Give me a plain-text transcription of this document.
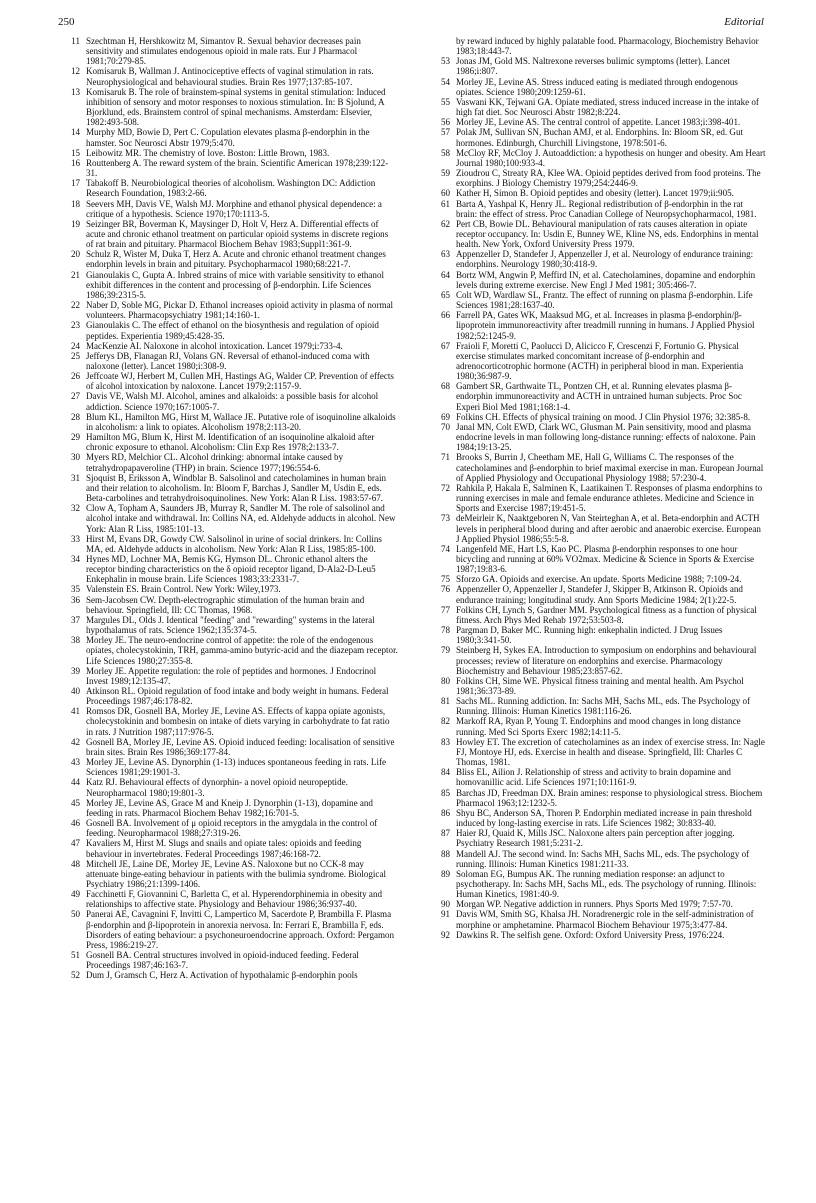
250	Editorial

11 Szechtman H, Hershkowitz M, Simantov R. Sexual behavior decreases pain sensitivity and stimulates endogenous opioid in male rats. Eur J Pharmacol 1981;70:279-85.

12 Komisaruk B, Wallman J. Antinociceptive effects of vaginal stimulation in rats. Neurophysiological and behavioural studies. Brain Res 1977;137:85-107.

13 Komisaruk B. The role of brainstem-spinal systems in genital stimulation: Induced inhibition of sensory and motor responses to noxious stimulation. In: B Sjolund, A Bjorklund, eds. Brainstem control of spinal mechanisms. Amsterdam: Elsevier, 1982:493-508.

14 Murphy MD, Bowie D, Pert C. Copulation elevates plasma β-endorphin in the hamster. Soc Neurosci Abstr 1979;5:470.

15 Leibowitz MR. The chemistry of love. Boston: Little Brown, 1983.

16 Routtenberg A. The reward system of the brain. Scientific American 1978;239:122-31.

17 Tabakoff B. Neurobiological theories of alcoholism. Washington DC: Addiction Research Foundation, 1983:2-66.

18 Seevers MH, Davis VE, Walsh MJ. Morphine and ethanol physical dependence: a critique of a hypothesis. Science 1970;170:1113-5.

19 Seizinger BR, Boverman K, Maysinger D, Holt V, Herz A. Differential effects of acute and chronic ethanol treatment on particular opioid systems in discrete regions of rat brain and pituitary. Pharmacol Biochem Behav 1983;Suppl1:361-9.

20 Schulz R, Wister M, Duka T, Herz A. Acute and chronic ethanol treatment changes endorphin levels in brain and pituitary. Psychopharmacol 1980;68:221-7.

21 Gianoulakis C, Gupta A. Inbred strains of mice with variable sensitivity to ethanol exhibit differences in the content and processing of β-endorphin. Life Sciences 1986;39:2315-5.

22 Naber D, Soble MG, Pickar D. Ethanol increases opioid activity in plasma of normal volunteers. Pharmacopsychiatry 1981;14:160-1.

23 Gianoulakis C. The effect of ethanol on the biosynthesis and regulation of opioid peptides. Experientia 1989;45:428-35.

24 MacKenzie AI. Naloxone in alcohol intoxication. Lancet 1979;i:733-4.

25 Jefferys DB, Flanagan RJ, Volans GN. Reversal of ethanol-induced coma with naloxone (letter). Lancet 1980;i:308-9.

26 Jeffcoate WJ, Herbert M, Cullen MH, Hastings AG, Walder CP. Prevention of effects of alcohol intoxication by naloxone. Lancet 1979;2:1157-9.

27 Davis VE, Walsh MJ. Alcohol, amines and alkaloids: a possible basis for alcohol addiction. Science 1970;167:1005-7.

28 Blum KL, Hamilton MG, Hirst M, Wallace JE. Putative role of isoquinoline alkaloids in alcoholism: a link to opiates. Alcoholism 1978;2:113-20.

29 Hamilton MG, Blum K, Hirst M. Identification of an isoquinoline alkaloid after chronic exposure to ethanol. Alcoholism: Clin Exp Res 1978;2:133-7.

30 Myers RD, Melchior CL. Alcohol drinking: abnormal intake caused by tetrahydropapaveroline (THP) in brain. Science 1977;196:554-6.

31 Sjoquist B, Eriksson A, Windblar B. Salsolinol and catecholamines in human brain and their relation to alcoholism. In: Bloom F, Barchas J, Sandler M, Usdin E, eds. Beta-carbolines and tetrahydroisoquinolines. New York: Alan R Liss. 1983:57-67.

32 Clow A, Topham A, Saunders JB, Murray R, Sandler M. The role of salsolinol and alcohol intake and withdrawal. In: Collins NA, ed. Aldehyde adducts in alcohol. New York: Alan R Liss, 1985:101-13.

33 Hirst M, Evans DR, Gowdy CW. Salsolinol in urine of social drinkers. In: Collins MA, ed. Aldehyde adducts in alcoholism. New York: Alan R Liss, 1985:85-100.

34 Hynes MD, Lochner MA, Bemis KG, Hymson DL. Chronic ethanol alters the receptor binding characteristics on the δ opioid receptor ligand, D-Ala2-D-Leu5 Enkephalin in mouse brain. Life Sciences 1983;33:2331-7.

35 Valenstein ES. Brain Control. New York: Wiley,1973.

36 Sem-Jacobsen CW. Depth-electrographic stimulation of the human brain and behaviour. Springfield, Ill: CC Thomas, 1968.

37 Margules DL, Olds J. Identical "feeding" and "rewarding" systems in the lateral hypothalamus of rats. Science 1962;135:374-5.

38 Morley JE. The neuro-endocrine control of appetite: the role of the endogenous opiates, cholecystokinin, TRH, gamma-amino butyric-acid and the diazepam receptor. Life Sciences 1980;27:355-8.

39 Morley JE. Appetite regulation: the role of peptides and hormones. J Endocrinol Invest 1989;12:135-47.

40 Atkinson RL. Opioid regulation of food intake and body weight in humans. Federal Proceedings 1987;46:178-82.

41 Romsos DR, Gosnell BA, Morley JE, Levine AS. Effects of kappa opiate agonists, cholecystokinin and bombesin on intake of diets varying in carbohydrate to fat ratio in rats. J Nutrition 1987;117:976-5.

42 Gosnell BA, Morley JE, Levine AS. Opioid induced feeding: localisation of sensitive brain sites. Brain Res 1986;369:177-84.

43 Morley JE, Levine AS. Dynorphin (1-13) induces spontaneous feeding in rats. Life Sciences 1981;29:1901-3.

44 Katz RJ. Behavioural effects of dynorphin- a novel opioid neuropeptide. Neuropharmacol 1980;19:801-3.

45 Morley JE, Levine AS, Grace M and Kneip J. Dynorphin (1-13), dopamine and feeding in rats. Pharmacol Biochem Behav 1982;16:701-5.

46 Gosnell BA. Involvement of μ opioid receptors in the amygdala in the control of feeding. Neuropharmacol 1988;27:319-26.

47 Kavaliers M, Hirst M. Slugs and snails and opiate tales: opioids and feeding behaviour in invertebrates. Federal Proceedings 1987;46:168-72.

48 Mitchell JE, Laine DE, Morley JE, Levine AS. Naloxone but no CCK-8 may attenuate binge-eating behaviour in patients with the bulimia syndrome. Biological Psychiatry 1986;21:1399-1406.

49 Facchinetti F, Giovannini C, Barletta C, et al. Hyperendorphinemia in obesity and relationships to affective state. Physiology and Behaviour 1986;36:937-40.

50 Panerai AE, Cavagnini F, Invitti C, Lampertico M, Sacerdote P, Brambilla F. Plasma β-endorphin and β-lipoprotein in anorexia nervosa. In: Ferrari E, Brambilla F, eds. Disorders of eating behaviour: a psychoneuroendocrine approach. Oxford: Pergamon Press, 1986:219-27.

51 Gosnell BA. Central structures involved in opioid-induced feeding. Federal Proceedings 1987;46:163-7.

52 Dum J, Gramsch C, Herz A. Activation of hypothalamic β-endorphin pools

by reward induced by highly palatable food. Pharmacology, Biochemistry Behavior 1983;18:443-7.

53 Jonas JM, Gold MS. Naltrexone reverses bulimic symptoms (letter). Lancet 1986;i:807.

54 Morley JE, Levine AS. Stress induced eating is mediated through endogenous opiates. Science 1980;209:1259-61.

55 Vaswani KK, Tejwani GA. Opiate mediated, stress induced increase in the intake of high fat diet. Soc Neurosci Abstr 1982;8:224.

56 Morley JE, Levine AS. The central control of appetite. Lancet 1983;i:398-401.

57 Polak JM, Sullivan SN, Buchan AMJ, et al. Endorphins. In: Bloom SR, ed. Gut hormones. Edinburgh, Churchill Livingstone, 1978:501-6.

58 McCloy RF, McCloy J. Autoaddiction: a hypothesis on hunger and obesity. Am Heart Journal 1980;100:933-4.

59 Zioudrou C, Streaty RA, Klee WA. Opioid peptides derived from food proteins. The exorphins. J Biology Chemistry 1979;254:2446-9.

60 Kather H, Simon B. Opioid peptides and obesity (letter). Lancet 1979;ii:905.

61 Barta A, Yashpal K, Henry JL. Regional redistribution of β-endorphin in the rat brain: the effect of stress. Proc Canadian College of Neuropsychopharmacol, 1981.

62 Pert CB, Bowie DL. Behavioural manipulation of rats causes alteration in opiate receptor occupancy. In: Usdin E, Bunney WE, Kline NS, eds. Endorphins in mental health. New York, Oxford University Press 1979.

63 Appenzeller D, Standefer J, Appenzeller J, et al. Neurology of endurance training: endorphins. Neurology 1980;30:418-9.

64 Bortz WM, Angwin P, Meffird IN, et al. Catecholamines, dopamine and endorphin levels during extreme exercise. New Engl J Med 1981; 305:466-7.

65 Colt WD, Wardlaw SL, Frantz. The effect of running on plasma β-endorphin. Life Sciences 1981;28:1637-40.

66 Farrell PA, Gates WK, Maaksud MG, et al. Increases in plasma β-endorphin/β-lipoprotein immunoreactivity after treadmill running in humans. J Applied Physiol 1982;52:1245-9.

67 Fraioli F, Moretti C, Paolucci D, Alicicco F, Crescenzi F, Fortunio G. Physical exercise stimulates marked concomitant increase of β-endorphin and adrenocorticotrophic hormone (ACTH) in peripheral blood in man. Experientia 1980;36:987-9.

68 Gambert SR, Garthwaite TL, Pontzen CH, et al. Running elevates plasma β-endorphin immunoreactivity and ACTH in untrained human subjects. Proc Soc Experi Biol Med 1981;168:1-4.

69 Folkins CH. Effects of physical training on mood. J Clin Physiol 1976; 32:385-8.

70 Janal MN, Colt EWD, Clark WC, Glusman M. Pain sensitivity, mood and plasma endocrine levels in man following long-distance running: effects of naloxone. Pain 1984;19:13-25.

71 Brooks S, Burrin J, Cheetham ME, Hall G, Williams C. The responses of the catecholamines and β-endorphin to brief maximal exercise in man. European Journal of Applied Physiology and Occupational Physiology 1988; 57:230-4.

72 Rahkila P, Hakala E, Salminen K, Laatikainen T. Responses of plasma endorphins to running exercises in male and female endurance athletes. Medicine and Science in Sports and Exercise 1987;19:451-5.

73 deMeirleir K, Naaktgeboren N, Van Steirteghan A, et al. Beta-endorphin and ACTH levels in peripheral blood during and after aerobic and anaerobic exercise. European J Applied Physiol 1986;55:5-8.

74 Langenfeld ME, Hart LS, Kao PC. Plasma β-endorphin responses to one hour bicycling and running at 60% VO2max. Medicine & Science in Sports & Exercise 1987;19:83-6.

75 Sforzo GA. Opioids and exercise. An update. Sports Medicine 1988; 7:109-24.

76 Appenzeller O, Appenzeller J, Standefer J, Skipper B, Atkinson R. Opioids and endurance training; longitudinal study. Ann Sports Medicine 1984; 2(1):22-5.

77 Folkins CH, Lynch S, Gardner MM. Psychological fitness as a function of physical fitness. Arch Phys Med Rehab 1972;53:503-8.

78 Pargman D, Baker MC. Running high: enkephalin indicted. J Drug Issues 1980;3:341-50.

79 Steinberg H, Sykes EA. Introduction to symposium on endorphins and behavioural processes; review of literature on endorphins and exercise. Pharmacology Biochemistry and Behaviour 1985;23:857-62.

80 Folkins CH, Sime WE. Physical fitness training and mental health. Am Psychol 1981;36:373-89.

81 Sachs ML. Running addiction. In: Sachs MH, Sachs ML, eds. The Psychology of Running. Illinois: Human Kinetics 1981:116-26.

82 Markoff RA, Ryan P, Young T. Endorphins and mood changes in long distance running. Med Sci Sports Exerc 1982;14:11-5.

83 Howley ET. The excretion of catecholamines as an index of exercise stress. In: Nagle FJ, Montoye HJ, eds. Exercise in health and disease. Springfield, Ill: Charles C Thomas, 1981.

84 Bliss EL, Ailion J. Relationship of stress and activity to brain dopamine and homovanillic acid. Life Sciences 1971;10:1161-9.

85 Barchas JD, Freedman DX. Brain amines: response to physiological stress. Biochem Pharmacol 1963;12:1232-5.

86 Shyu BC, Anderson SA, Thoren P. Endorphin mediated increase in pain threshold induced by long-lasting exercise in rats. Life Sciences 1982; 30:833-40.

87 Haier RJ, Quaid K, Mills JSC. Naloxone alters pain perception after jogging. Psychiatry Research 1981;5:231-2.

88 Mandell AJ. The second wind. In: Sachs MH, Sachs ML, eds. The psychology of running. Illinois: Human Kinetics 1981:211-33.

89 Soloman EG, Bumpus AK. The running mediation response: an adjunct to psychotherapy. In: Sachs MH, Sachs ML, eds. The psychology of running. Illinois: Human Kinetics, 1981:40-9.

90 Morgan WP. Negative addiction in runners. Phys Sports Med 1979; 7:57-70.

91 Davis WM, Smith SG, Khalsa JH. Noradrenergic role in the self-administration of morphine or amphetamine. Pharmacol Biochem Behaviour 1975;3:477-84.

92 Dawkins R. The selfish gene. Oxford: Oxford University Press, 1976:224.
